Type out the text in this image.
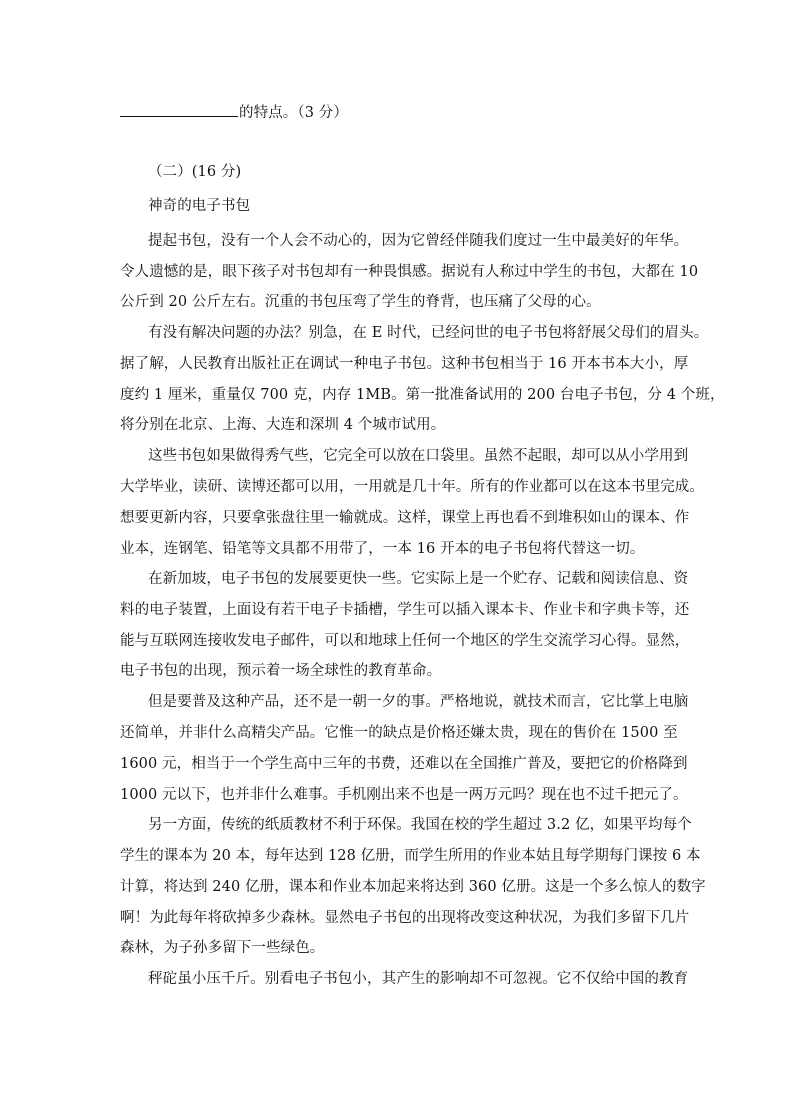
的特点。（3 分）
（二）(16 分)
神奇的电子书包
提起书包，没有一个人会不动心的，因为它曾经伴随我们度过一生中最美好的年华。
令人遗憾的是，眼下孩子对书包却有一种畏惧感。据说有人称过中学生的书包，大都在 10
公斤到 20 公斤左右。沉重的书包压弯了学生的脊背，也压痛了父母的心。
有没有解决问题的办法？别急，在 E 时代，已经问世的电子书包将舒展父母们的眉头。
据了解，人民教育出版社正在调试一种电子书包。这种书包相当于 16 开本书本大小，厚
度约 1 厘米，重量仅 700 克，内存 1MB。第一批准备试用的 200 台电子书包，分 4 个班，
将分别在北京、上海、大连和深圳 4 个城市试用。
这些书包如果做得秀气些，它完全可以放在口袋里。虽然不起眼，却可以从小学用到
大学毕业，读研、读博还都可以用，一用就是几十年。所有的作业都可以在这本书里完成。
想要更新内容，只要拿张盘往里一输就成。这样，课堂上再也看不到堆积如山的课本、作
业本，连钢笔、铅笔等文具都不用带了，一本 16 开本的电子书包将代替这一切。
在新加坡，电子书包的发展要更快一些。它实际上是一个贮存、记载和阅读信息、资
料的电子装置，上面设有若干电子卡插槽，学生可以插入课本卡、作业卡和字典卡等，还
能与互联网连接收发电子邮件，可以和地球上任何一个地区的学生交流学习心得。显然，
电子书包的出现，预示着一场全球性的教育革命。
但是要普及这种产品，还不是一朝一夕的事。严格地说，就技术而言，它比掌上电脑
还简单，并非什么高精尖产品。它惟一的缺点是价格还嫌太贵，现在的售价在 1500 至
1600 元，相当于一个学生高中三年的书费，还难以在全国推广普及，要把它的价格降到
1000 元以下，也并非什么难事。手机刚出来不也是一两万元吗？现在也不过千把元了。
另一方面，传统的纸质教材不利于环保。我国在校的学生超过 3.2 亿，如果平均每个
学生的课本为 20 本，每年达到 128 亿册，而学生所用的作业本姑且每学期每门课按 6 本
计算，将达到 240 亿册，课本和作业本加起来将达到 360 亿册。这是一个多么惊人的数字
啊！为此每年将砍掉多少森林。显然电子书包的出现将改变这种状况，为我们多留下几片
森林，为子孙多留下一些绿色。
秤砣虽小压千斤。别看电子书包小，其产生的影响却不可忽视。它不仅给中国的教育
